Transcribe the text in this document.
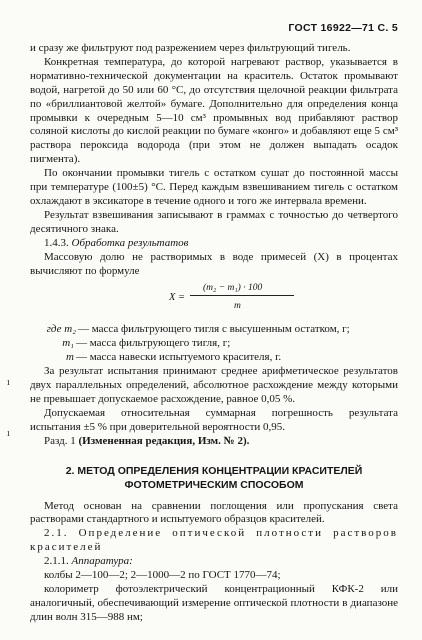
ГОСТ 16922—71 С. 5
ı
ı

и сразу же фильтруют под разрежением через фильтрующий тигель.

Конкретная температура, до которой нагревают раствор, указывается в нормативно-технической документации на краситель. Остаток промывают водой, нагретой до 50 или 60 °С, до отсутствия щелочной реакции фильтрата по «бриллиантовой желтой» бумаге. Дополнительно для определения конца промывки к очередным 5—10 см³ промывных вод прибавляют раствор соляной кислоты до кислой реакции по бумаге «конго» и добавляют еще 5 см³ раствора пероксида водорода (при этом не должен выпадать осадок пигмента).

По окончании промывки тигель с остатком сушат до постоянной массы при температуре (100±5) °С. Перед каждым взвешиванием тигель с остатком охлаждают в эксикаторе в течение одного и того же интервала времени.

Результат взвешивания записывают в граммах с точностью до четвертого десятичного знака.

1.4.3. Обработка результатов

Массовую долю не растворимых в воде примесей (X) в процентах вычисляют по формуле

X =
(m₂ − m₁) · 100
m
где m₂ — масса фильтрующего тигля с высушенным остатком, г;
m₁ — масса фильтрующего тигля, г;
m — масса навески испытуемого красителя, г.

За результат испытания принимают среднее арифметическое результатов двух параллельных определений, абсолютное расхождение между которыми не превышает допускаемое расхождение, равное 0,05 %.

Допускаемая относительная суммарная погрешность результата испытания ±5 % при доверительной вероятности 0,95.

Разд. 1 (Измененная редакция, Изм. № 2).

2. МЕТОД ОПРЕДЕЛЕНИЯ КОНЦЕНТРАЦИИ КРАСИТЕЛЕЙ ФОТОМЕТРИЧЕСКИМ СПОСОБОМ

Метод основан на сравнении поглощения или пропускания света растворами стандартного и испытуемого образцов красителей.

2.1. Определение оптической плотности растворов красителей

2.1.1. Аппаратура:

колбы 2—100—2; 2—1000—2 по ГОСТ 1770—74;

колориметр фотоэлектрический концентрационный КФК-2 или аналогичный, обеспечивающий измерение оптической плотности в диапазоне длин волн 315—988 нм;
